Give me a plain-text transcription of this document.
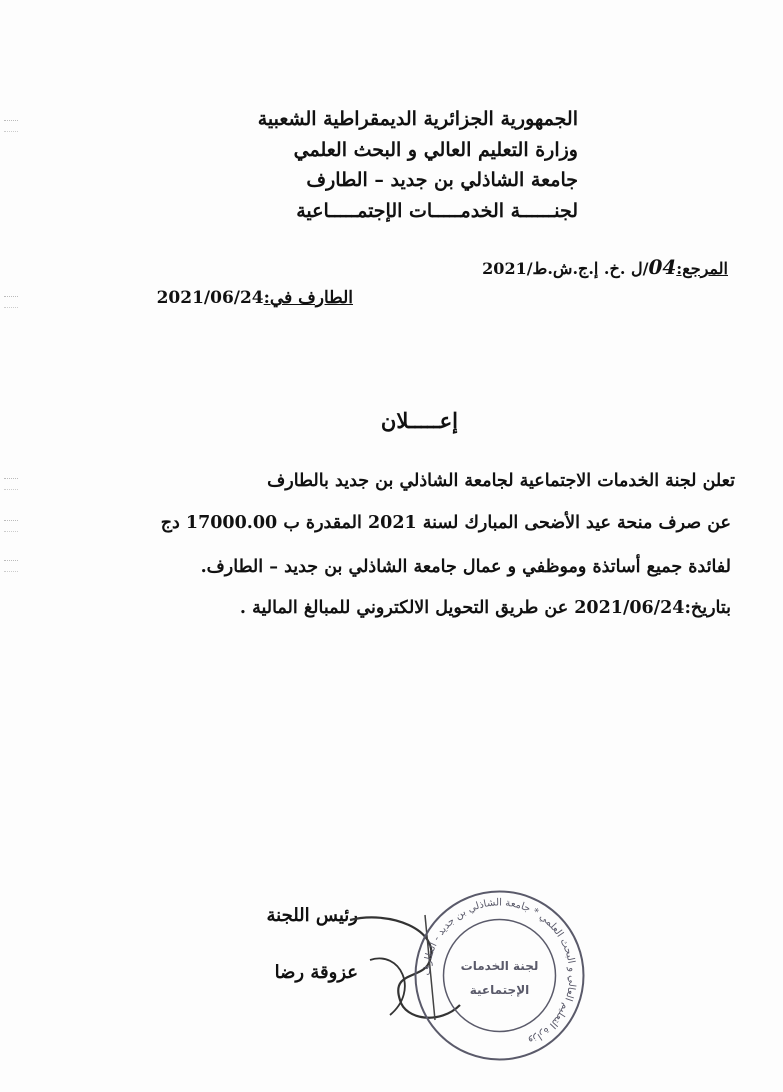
الجمهورية الجزائرية الديمقراطية الشعبية
وزارة التعليم العالي و البحث العلمي
جامعة الشاذلي بن جديد – الطارف
لجنــــــة الخدمـــــات الإجتمـــــاعية
المرجع:04/ل .خ. إ.ج.ش.ط/2021
الطارف في:2021/06/24
إعـــــلان
تعلن لجنة الخدمات الاجتماعية لجامعة الشاذلي بن جديد بالطارف
عن صرف منحة عيد الأضحى المبارك لسنة 2021 المقدرة ب 17000.00 دج
لفائدة جميع أساتذة وموظفي و عمال جامعة الشاذلي بن جديد – الطارف.
بتاريخ:2021/06/24 عن طريق التحويل الالكتروني للمبالغ المالية .
رئيس اللجنة
عزوقة رضا	وزارة التعليم العالي و البحث العلمي * جامعة الشاذلي بن جديد - الطارف
لجنة الخدمات
الإجتماعية
